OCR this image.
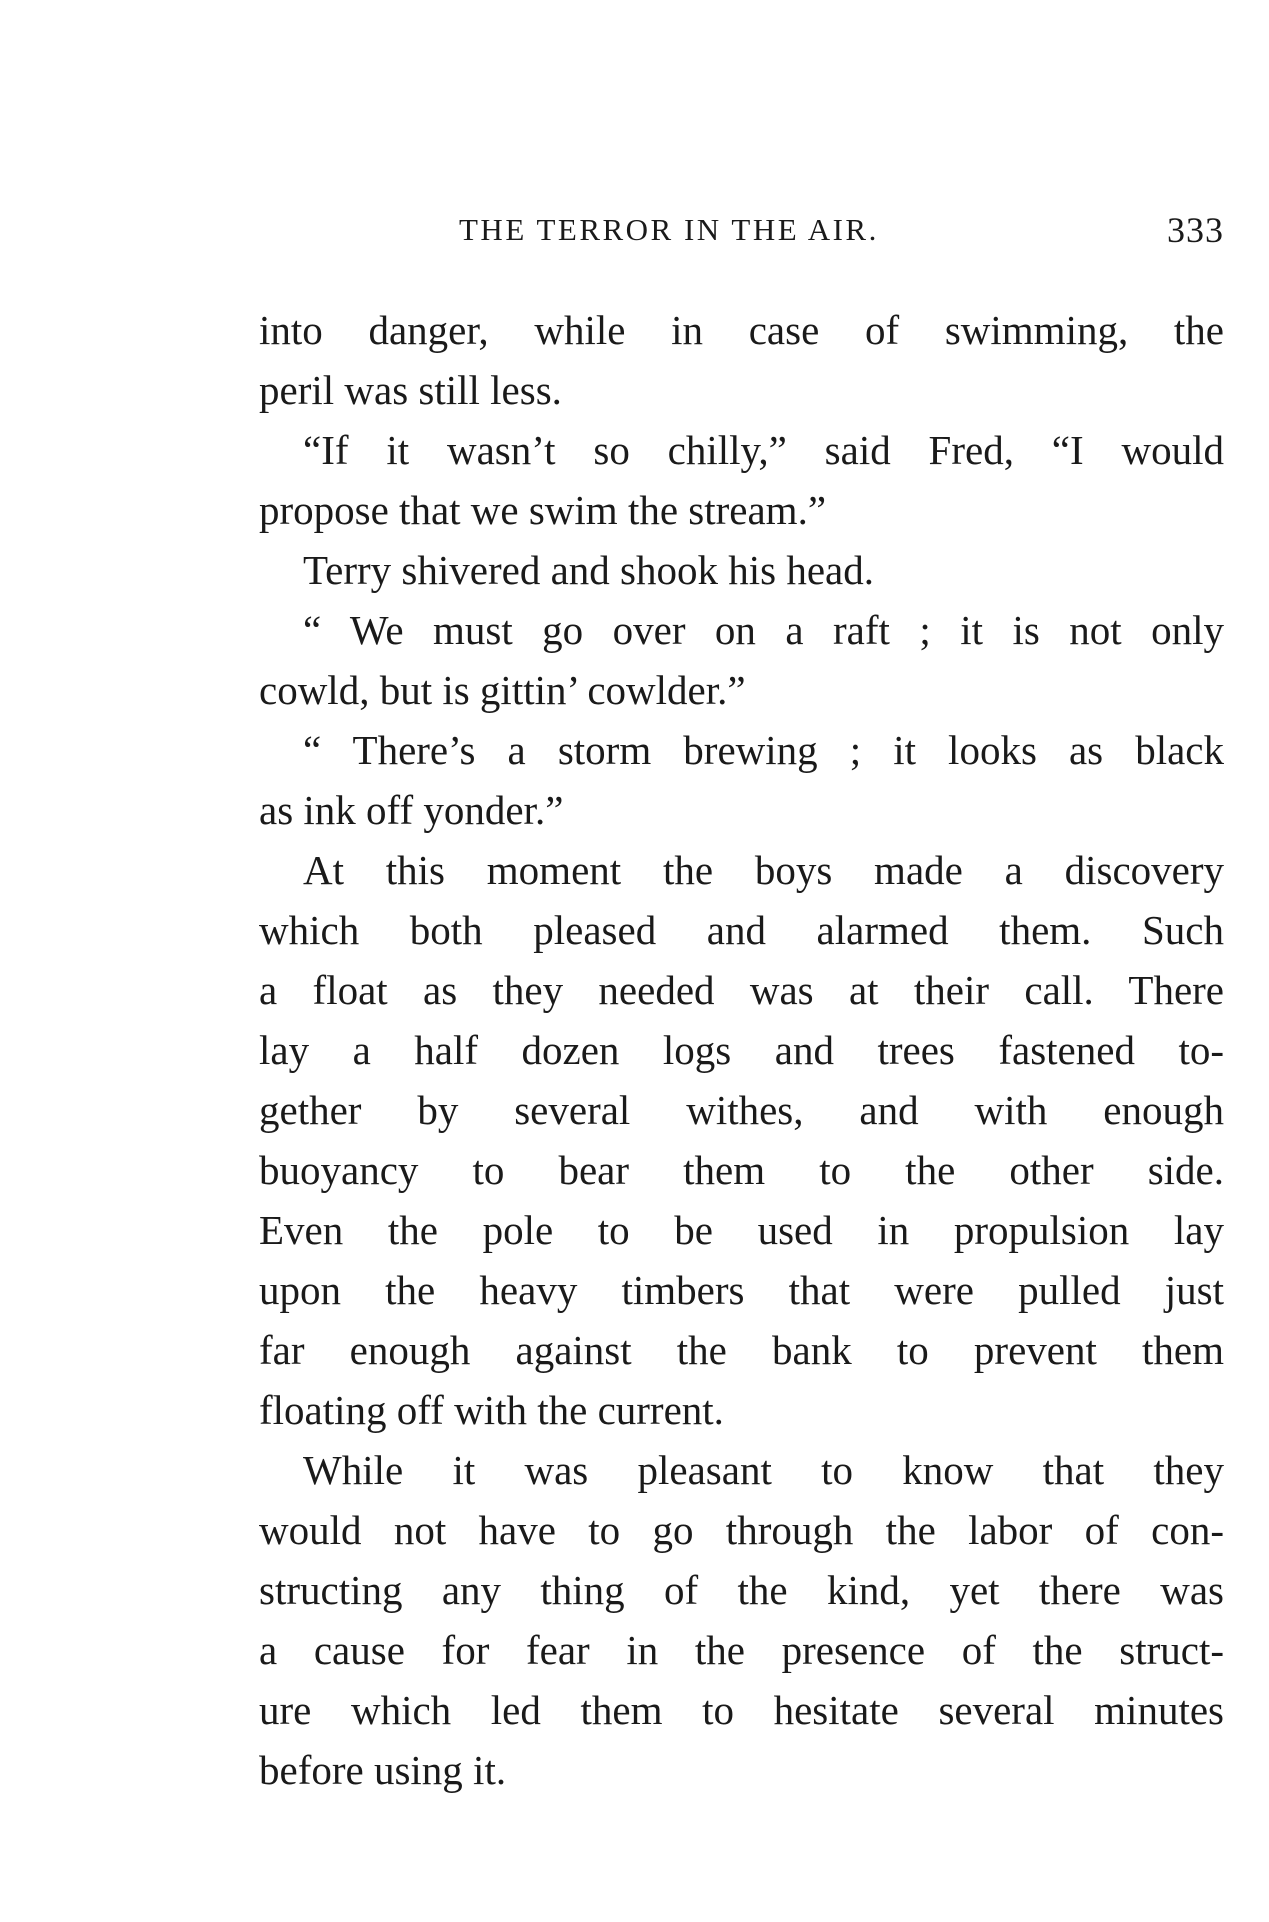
THE TERROR IN THE AIR.	333
into danger, while in case of swimming, the
peril was still less.
“If it wasn’t so chilly,” said Fred, “I would
propose that we swim the stream.”
Terry shivered and shook his head.
“ We must go over on a raft ; it is not only
cowld, but is gittin’ cowlder.”
“ There’s a storm brewing ; it looks as black
as ink off yonder.”
At this moment the boys made a discovery
which both pleased and alarmed them. Such
a float as they needed was at their call. There
lay a half dozen logs and trees fastened to-
gether by several withes, and with enough
buoyancy to bear them to the other side.
Even the pole to be used in propulsion lay
upon the heavy timbers that were pulled just
far enough against the bank to prevent them
floating off with the current.
While it was pleasant to know that they
would not have to go through the labor of con-
structing any thing of the kind, yet there was
a cause for fear in the presence of the struct-
ure which led them to hesitate several minutes
before using it.
